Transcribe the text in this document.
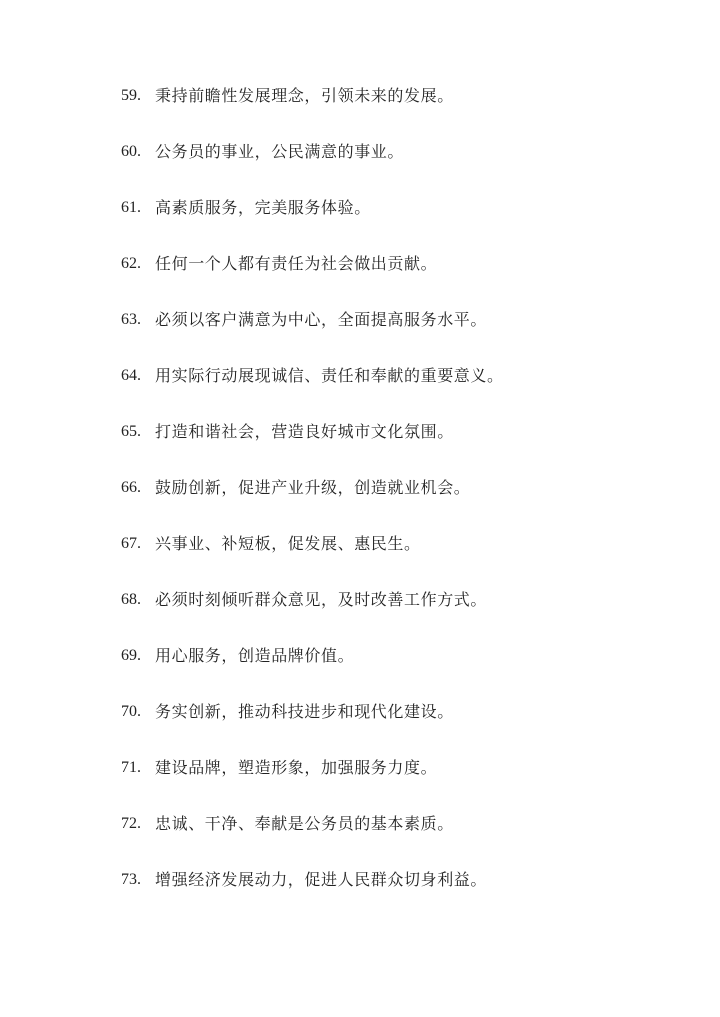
59. 秉持前瞻性发展理念，引领未来的发展。
60. 公务员的事业，公民满意的事业。
61. 高素质服务，完美服务体验。
62. 任何一个人都有责任为社会做出贡献。
63. 必须以客户满意为中心，全面提高服务水平。
64. 用实际行动展现诚信、责任和奉献的重要意义。
65. 打造和谐社会，营造良好城市文化氛围。
66. 鼓励创新，促进产业升级，创造就业机会。
67. 兴事业、补短板，促发展、惠民生。
68. 必须时刻倾听群众意见，及时改善工作方式。
69. 用心服务，创造品牌价值。
70. 务实创新，推动科技进步和现代化建设。
71. 建设品牌，塑造形象，加强服务力度。
72. 忠诚、干净、奉献是公务员的基本素质。
73. 增强经济发展动力，促进人民群众切身利益。
